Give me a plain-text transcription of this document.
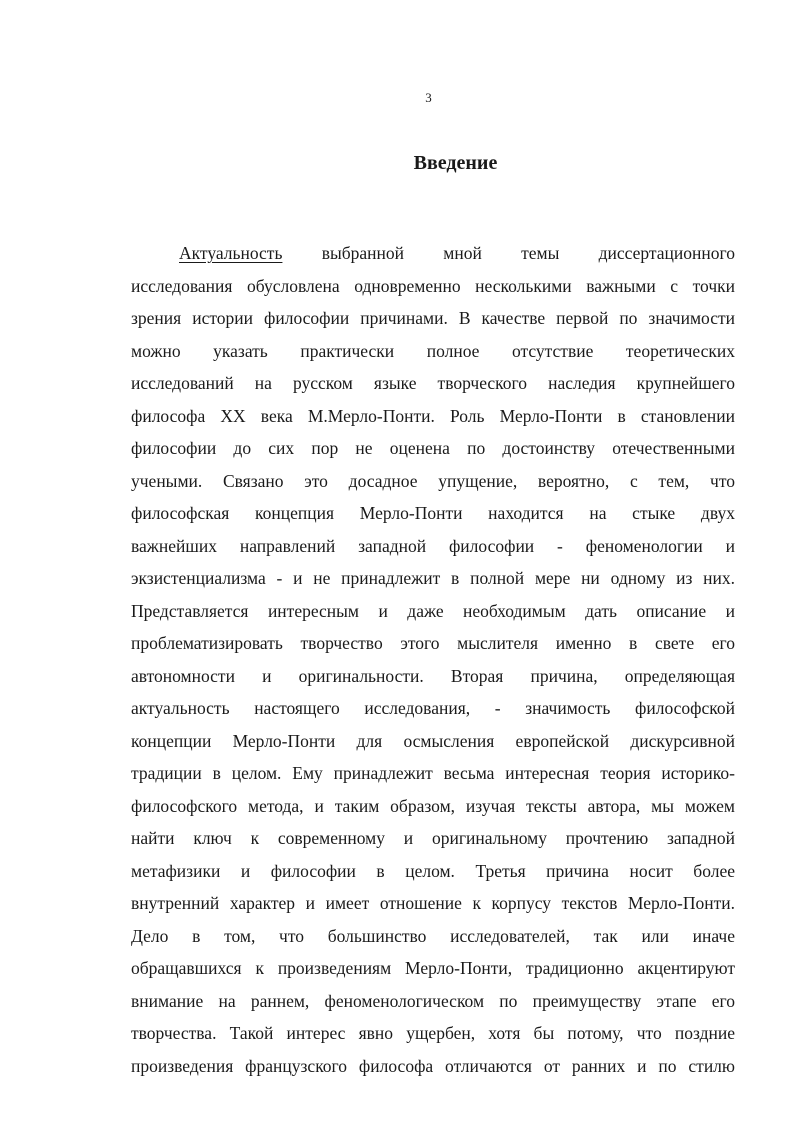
3
Введение
Актуальность выбранной мной темы диссертационного
исследования обусловлена одновременно несколькими важными с точки
зрения истории философии причинами. В качестве первой по значимости
можно указать практически полное отсутствие теоретических
исследований на русском языке творческого наследия крупнейшего
философа XX века М.Мерло-Понти. Роль Мерло-Понти в становлении
философии до сих пор не оценена по достоинству отечественными
учеными. Связано это досадное упущение, вероятно, с тем, что
философская концепция Мерло-Понти находится на стыке двух
важнейших направлений западной философии - феноменологии и
экзистенциализма - и не принадлежит в полной мере ни одному из них.
Представляется интересным и даже необходимым дать описание и
проблематизировать творчество этого мыслителя именно в свете его
автономности и оригинальности. Вторая причина, определяющая
актуальность настоящего исследования, - значимость философской
концепции Мерло-Понти для осмысления европейской дискурсивной
традиции в целом. Ему принадлежит весьма интересная теория историко-
философского метода, и таким образом, изучая тексты автора, мы можем
найти ключ к современному и оригинальному прочтению западной
метафизики и философии в целом. Третья причина носит более
внутренний характер и имеет отношение к корпусу текстов Мерло-Понти.
Дело в том, что большинство исследователей, так или иначе
обращавшихся к произведениям Мерло-Понти, традиционно акцентируют
внимание на раннем, феноменологическом по преимуществу этапе его
творчества. Такой интерес явно ущербен, хотя бы потому, что поздние
произведения французского философа отличаются от ранних и по стилю
